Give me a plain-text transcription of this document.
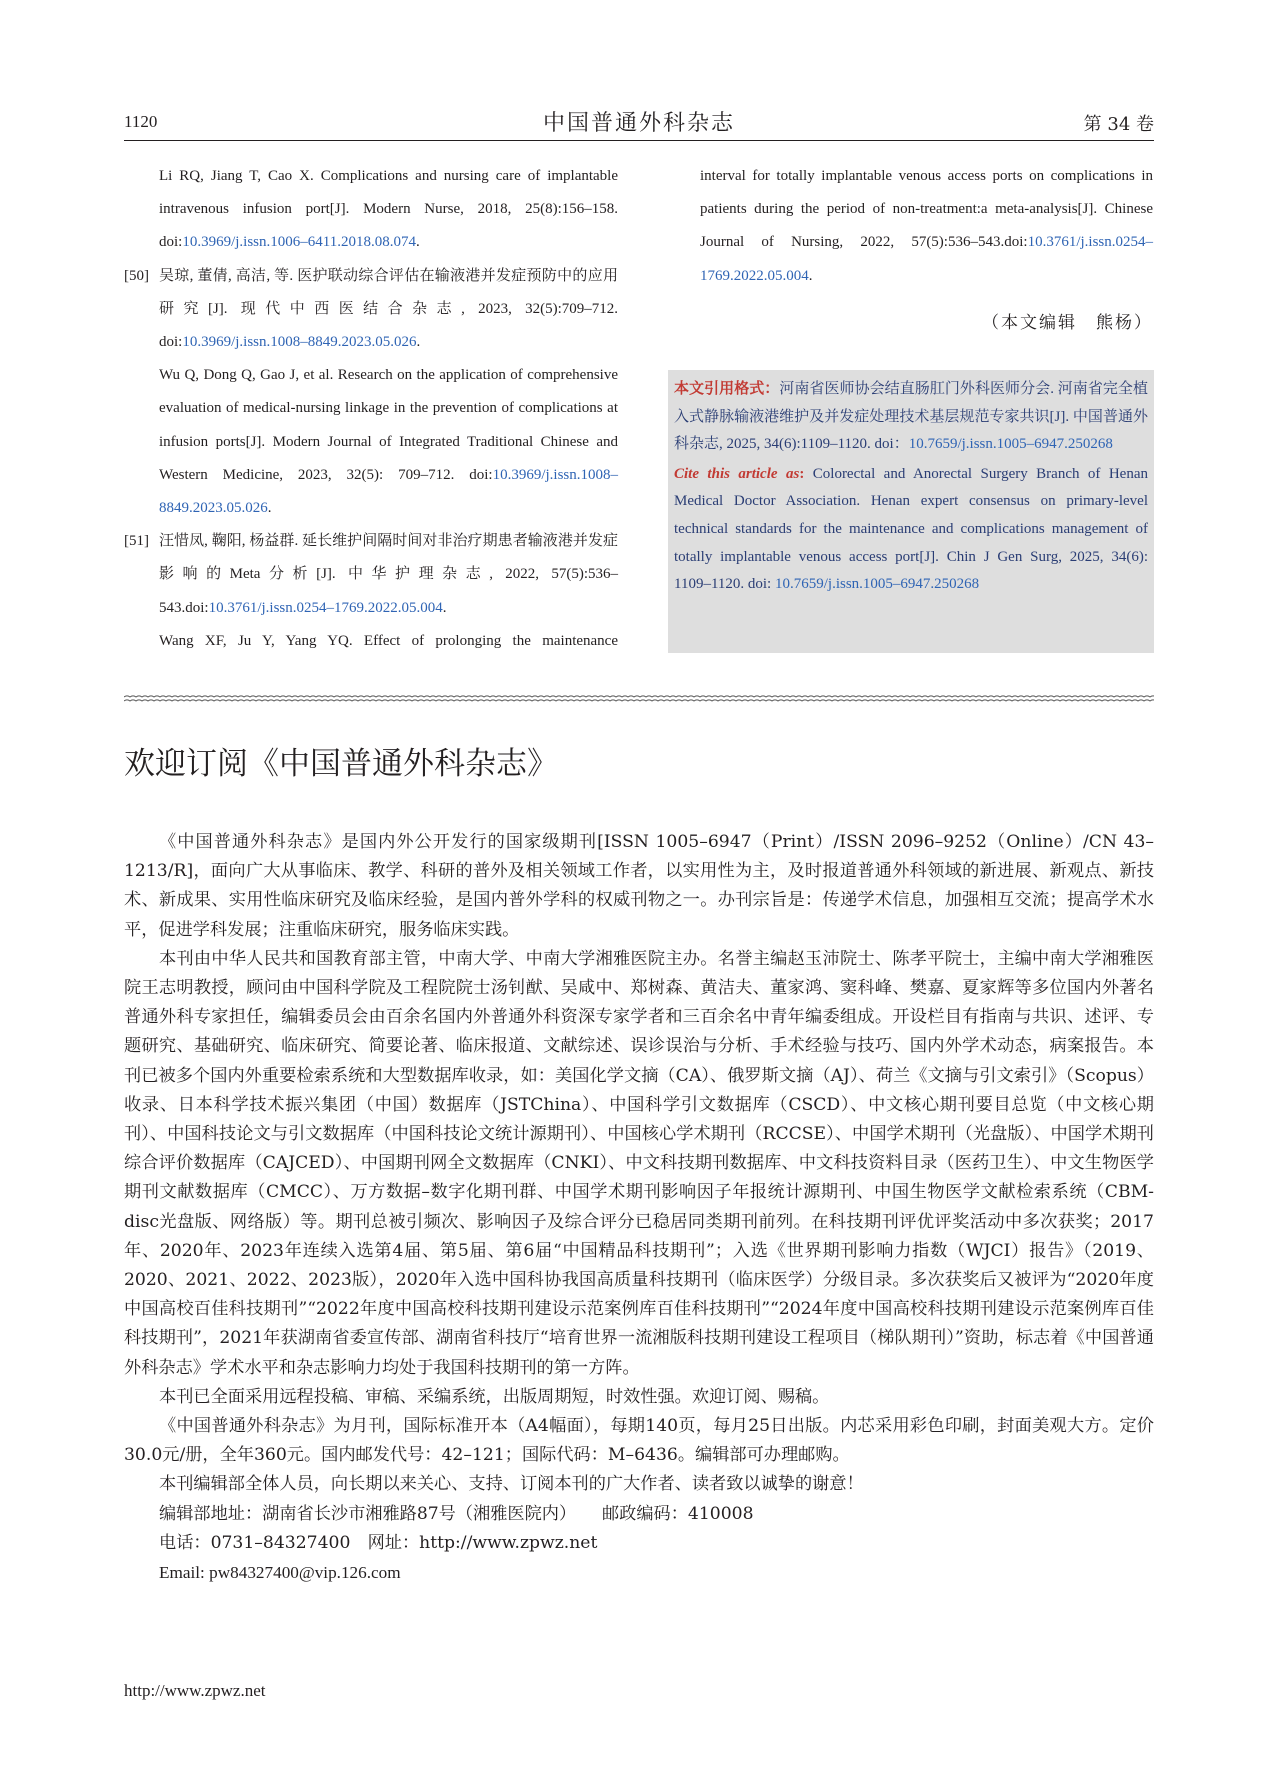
1120	中国普通外科杂志	第 34 卷
Li RQ, Jiang T, Cao X. Complications and nursing care of implantable intravenous infusion port[J]. Modern Nurse, 2018, 25(8):156–158. doi:10.3969/j.issn.1006–6411.2018.08.074.
[50] 吴琼, 董倩, 高洁, 等. 医护联动综合评估在输液港并发症预防中的应用研究[J]. 现代中西医结合杂志, 2023, 32(5):709–712. doi:10.3969/j.issn.1008–8849.2023.05.026.
Wu Q, Dong Q, Gao J, et al. Research on the application of comprehensive evaluation of medical-nursing linkage in the prevention of complications at infusion ports[J]. Modern Journal of Integrated Traditional Chinese and Western Medicine, 2023, 32(5): 709–712. doi:10.3969/j.issn.1008–8849.2023.05.026.
[51] 汪惜凤, 鞠阳, 杨益群. 延长维护间隔时间对非治疗期患者输液港并发症影响的Meta分析[J]. 中华护理杂志, 2022, 57(5):536–543.doi:10.3761/j.issn.0254–1769.2022.05.004.
Wang XF, Ju Y, Yang YQ. Effect of prolonging the maintenance
interval for totally implantable venous access ports on complications in patients during the period of non-treatment:a meta-analysis[J]. Chinese Journal of Nursing, 2022, 57(5):536–543.doi:10.3761/j.issn.0254–1769.2022.05.004.
（本文编辑　熊杨）
本文引用格式：河南省医师协会结直肠肛门外科医师分会. 河南省完全植入式静脉输液港维护及并发症处理技术基层规范专家共识[J]. 中国普通外科杂志, 2025, 34(6):1109–1120. doi：10.7659/j.issn.1005–6947.250268
Cite this article as: Colorectal and Anorectal Surgery Branch of Henan Medical Doctor Association. Henan expert consensus on primary-level technical standards for the maintenance and complications management of totally implantable venous access port[J]. Chin J Gen Surg, 2025, 34(6): 1109–1120. doi: 10.7659/j.issn.1005–6947.250268
欢迎订阅《中国普通外科杂志》

《中国普通外科杂志》是国内外公开发行的国家级期刊[ISSN 1005–6947（Print）/ISSN 2096–9252（Online）/CN 43–1213/R]，面向广大从事临床、教学、科研的普外及相关领域工作者，以实用性为主，及时报道普通外科领域的新进展、新观点、新技术、新成果、实用性临床研究及临床经验，是国内普外学科的权威刊物之一。办刊宗旨是：传递学术信息，加强相互交流；提高学术水平，促进学科发展；注重临床研究，服务临床实践。

本刊由中华人民共和国教育部主管，中南大学、中南大学湘雅医院主办。名誉主编赵玉沛院士、陈孝平院士，主编中南大学湘雅医院王志明教授，顾问由中国科学院及工程院院士汤钊猷、吴咸中、郑树森、黄洁夫、董家鸿、窦科峰、樊嘉、夏家辉等多位国内外著名普通外科专家担任，编辑委员会由百余名国内外普通外科资深专家学者和三百余名中青年编委组成。开设栏目有指南与共识、述评、专题研究、基础研究、临床研究、简要论著、临床报道、文献综述、误诊误治与分析、手术经验与技巧、国内外学术动态，病案报告。本刊已被多个国内外重要检索系统和大型数据库收录，如：美国化学文摘（CA）、俄罗斯文摘（AJ）、荷兰《文摘与引文索引》（Scopus）收录、日本科学技术振兴集团（中国）数据库（JSTChina）、中国科学引文数据库（CSCD）、中文核心期刊要目总览（中文核心期刊）、中国科技论文与引文数据库（中国科技论文统计源期刊）、中国核心学术期刊（RCCSE）、中国学术期刊（光盘版）、中国学术期刊综合评价数据库（CAJCED）、中国期刊网全文数据库（CNKI）、中文科技期刊数据库、中文科技资料目录（医药卫生）、中文生物医学期刊文献数据库（CMCC）、万方数据–数字化期刊群、中国学术期刊影响因子年报统计源期刊、中国生物医学文献检索系统（CBM-disc光盘版、网络版）等。期刊总被引频次、影响因子及综合评分已稳居同类期刊前列。在科技期刊评优评奖活动中多次获奖；2017年、2020年、2023年连续入选第4届、第5届、第6届“中国精品科技期刊”；入选《世界期刊影响力指数（WJCI）报告》（2019、2020、2021、2022、2023版），2020年入选中国科协我国高质量科技期刊（临床医学）分级目录。多次获奖后又被评为“2020年度中国高校百佳科技期刊”“2022年度中国高校科技期刊建设示范案例库百佳科技期刊”“2024年度中国高校科技期刊建设示范案例库百佳科技期刊”，2021年获湖南省委宣传部、湖南省科技厅“培育世界一流湘版科技期刊建设工程项目（梯队期刊）”资助，标志着《中国普通外科杂志》学术水平和杂志影响力均处于我国科技期刊的第一方阵。

本刊已全面采用远程投稿、审稿、采编系统，出版周期短，时效性强。欢迎订阅、赐稿。

《中国普通外科杂志》为月刊，国际标准开本（A4幅面），每期140页，每月25日出版。内芯采用彩色印刷，封面美观大方。定价30.0元/册，全年360元。国内邮发代号：42–121；国际代码：M–6436。编辑部可办理邮购。

本刊编辑部全体人员，向长期以来关心、支持、订阅本刊的广大作者、读者致以诚挚的谢意！

编辑部地址：湖南省长沙市湘雅路87号（湘雅医院内）　　邮政编码：410008

电话：0731–84327400　网址：http://www.zpwz.net

Email: pw84327400@vip.126.com

http://www.zpwz.net
